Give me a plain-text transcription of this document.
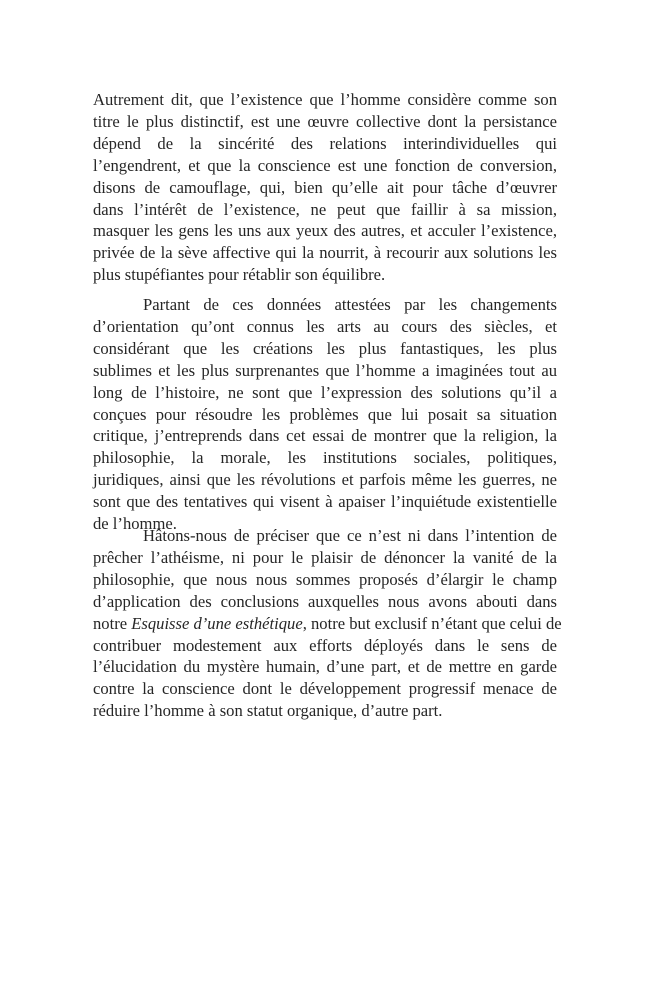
Autrement dit, que l’existence que l’homme considère comme son
titre le plus distinctif, est une œuvre collective dont la persistance
dépend de la sincérité des relations interindividuelles qui
l’engendrent, et que la conscience est une fonction de conversion,
disons de camouflage, qui, bien qu’elle ait pour tâche d’œuvrer
dans l’intérêt de l’existence, ne peut que faillir à sa mission,
masquer les gens les uns aux yeux des autres, et acculer l’existence,
privée de la sève affective qui la nourrit, à recourir aux solutions les
plus stupéfiantes pour rétablir son équilibre.
Partant de ces données attestées par les changements
d’orientation qu’ont connus les arts au cours des siècles, et
considérant que les créations les plus fantastiques, les plus
sublimes et les plus surprenantes que l’homme a imaginées tout au
long de l’histoire, ne sont que l’expression des solutions qu’il a
conçues pour résoudre les problèmes que lui posait sa situation
critique, j’entreprends dans cet essai de montrer que la religion, la
philosophie, la morale, les institutions sociales, politiques,
juridiques, ainsi que les révolutions et parfois même les guerres, ne
sont que des tentatives qui visent à apaiser l’inquiétude existentielle
de l’homme.
Hâtons-nous de préciser que ce n’est ni dans l’intention de
prêcher l’athéisme, ni pour le plaisir de dénoncer la vanité de la
philosophie, que nous nous sommes proposés d’élargir le champ
d’application des conclusions auxquelles nous avons abouti dans
notre Esquisse d’une esthétique, notre but exclusif n’étant que celui de
contribuer modestement aux efforts déployés dans le sens de
l’élucidation du mystère humain, d’une part, et de mettre en garde
contre la conscience dont le développement progressif menace de
réduire l’homme à son statut organique, d’autre part.
